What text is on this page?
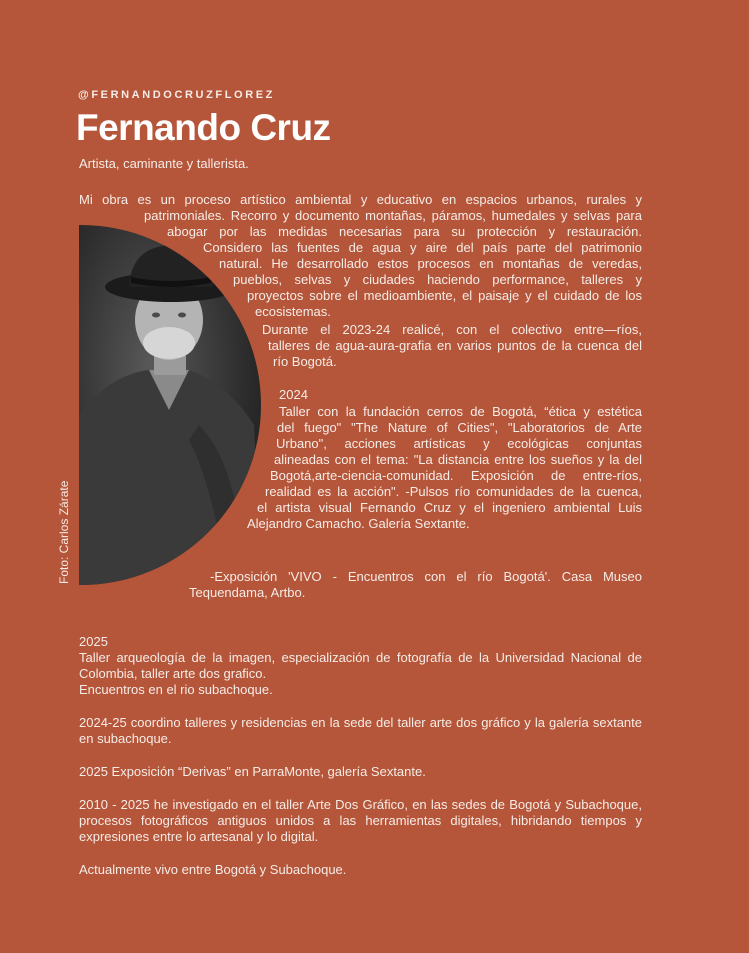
@FERNANDOCRUZFLOREZ
Fernando Cruz
Artista, caminante y tallerista.
Foto: Carlos Zárate
Mi obra es un proceso artístico ambiental y educativo en espacios urbanos, rurales y
patrimoniales. Recorro y documento montañas, páramos, humedales y selvas para
abogar por las medidas necesarias para su protección y restauración.
Considero las fuentes de agua y aire del país parte del patrimonio
natural. He desarrollado estos procesos en montañas de veredas,
pueblos, selvas y ciudades haciendo performance, talleres y
proyectos sobre el medioambiente, el paisaje y el cuidado de los
ecosistemas.
Durante el 2023-24 realicé, con el colectivo entre—ríos,
talleres de agua-aura-grafia en varios puntos de la cuenca del
río Bogotá.
2024
Taller con la fundación cerros de Bogotá, “ética y estética
del fuego" "The Nature of Cities", "Laboratorios de Arte
Urbano", acciones artísticas y ecológicas conjuntas
alineadas con el tema: "La distancia entre los sueños y la del
Bogotá,arte-ciencia-comunidad. Exposición de entre-ríos,
realidad es la acción". -Pulsos río comunidades de la cuenca,
el artista visual Fernando Cruz y el ingeniero ambiental Luis
Alejandro Camacho. Galería Sextante.
-Exposición 'VIVO - Encuentros con el río Bogotá'. Casa Museo
Tequendama, Artbo.

2025

Taller arqueología de la imagen, especialización de fotografía de la Universidad Nacional de Colombia, taller arte dos grafico.

Encuentros en el rio subachoque.

2024-25 coordino talleres y residencias en la sede del taller arte dos gráfico y la galería sextante en subachoque.

2025 Exposición “Derivas” en ParraMonte, galería Sextante.

2010 - 2025 he investigado en el taller Arte Dos Gráfico, en las sedes de Bogotá y Subachoque, procesos fotográficos antiguos unidos a las herramientas digitales, hibridando tiempos y expresiones entre lo artesanal y lo digital.

Actualmente vivo entre Bogotá y Subachoque.
